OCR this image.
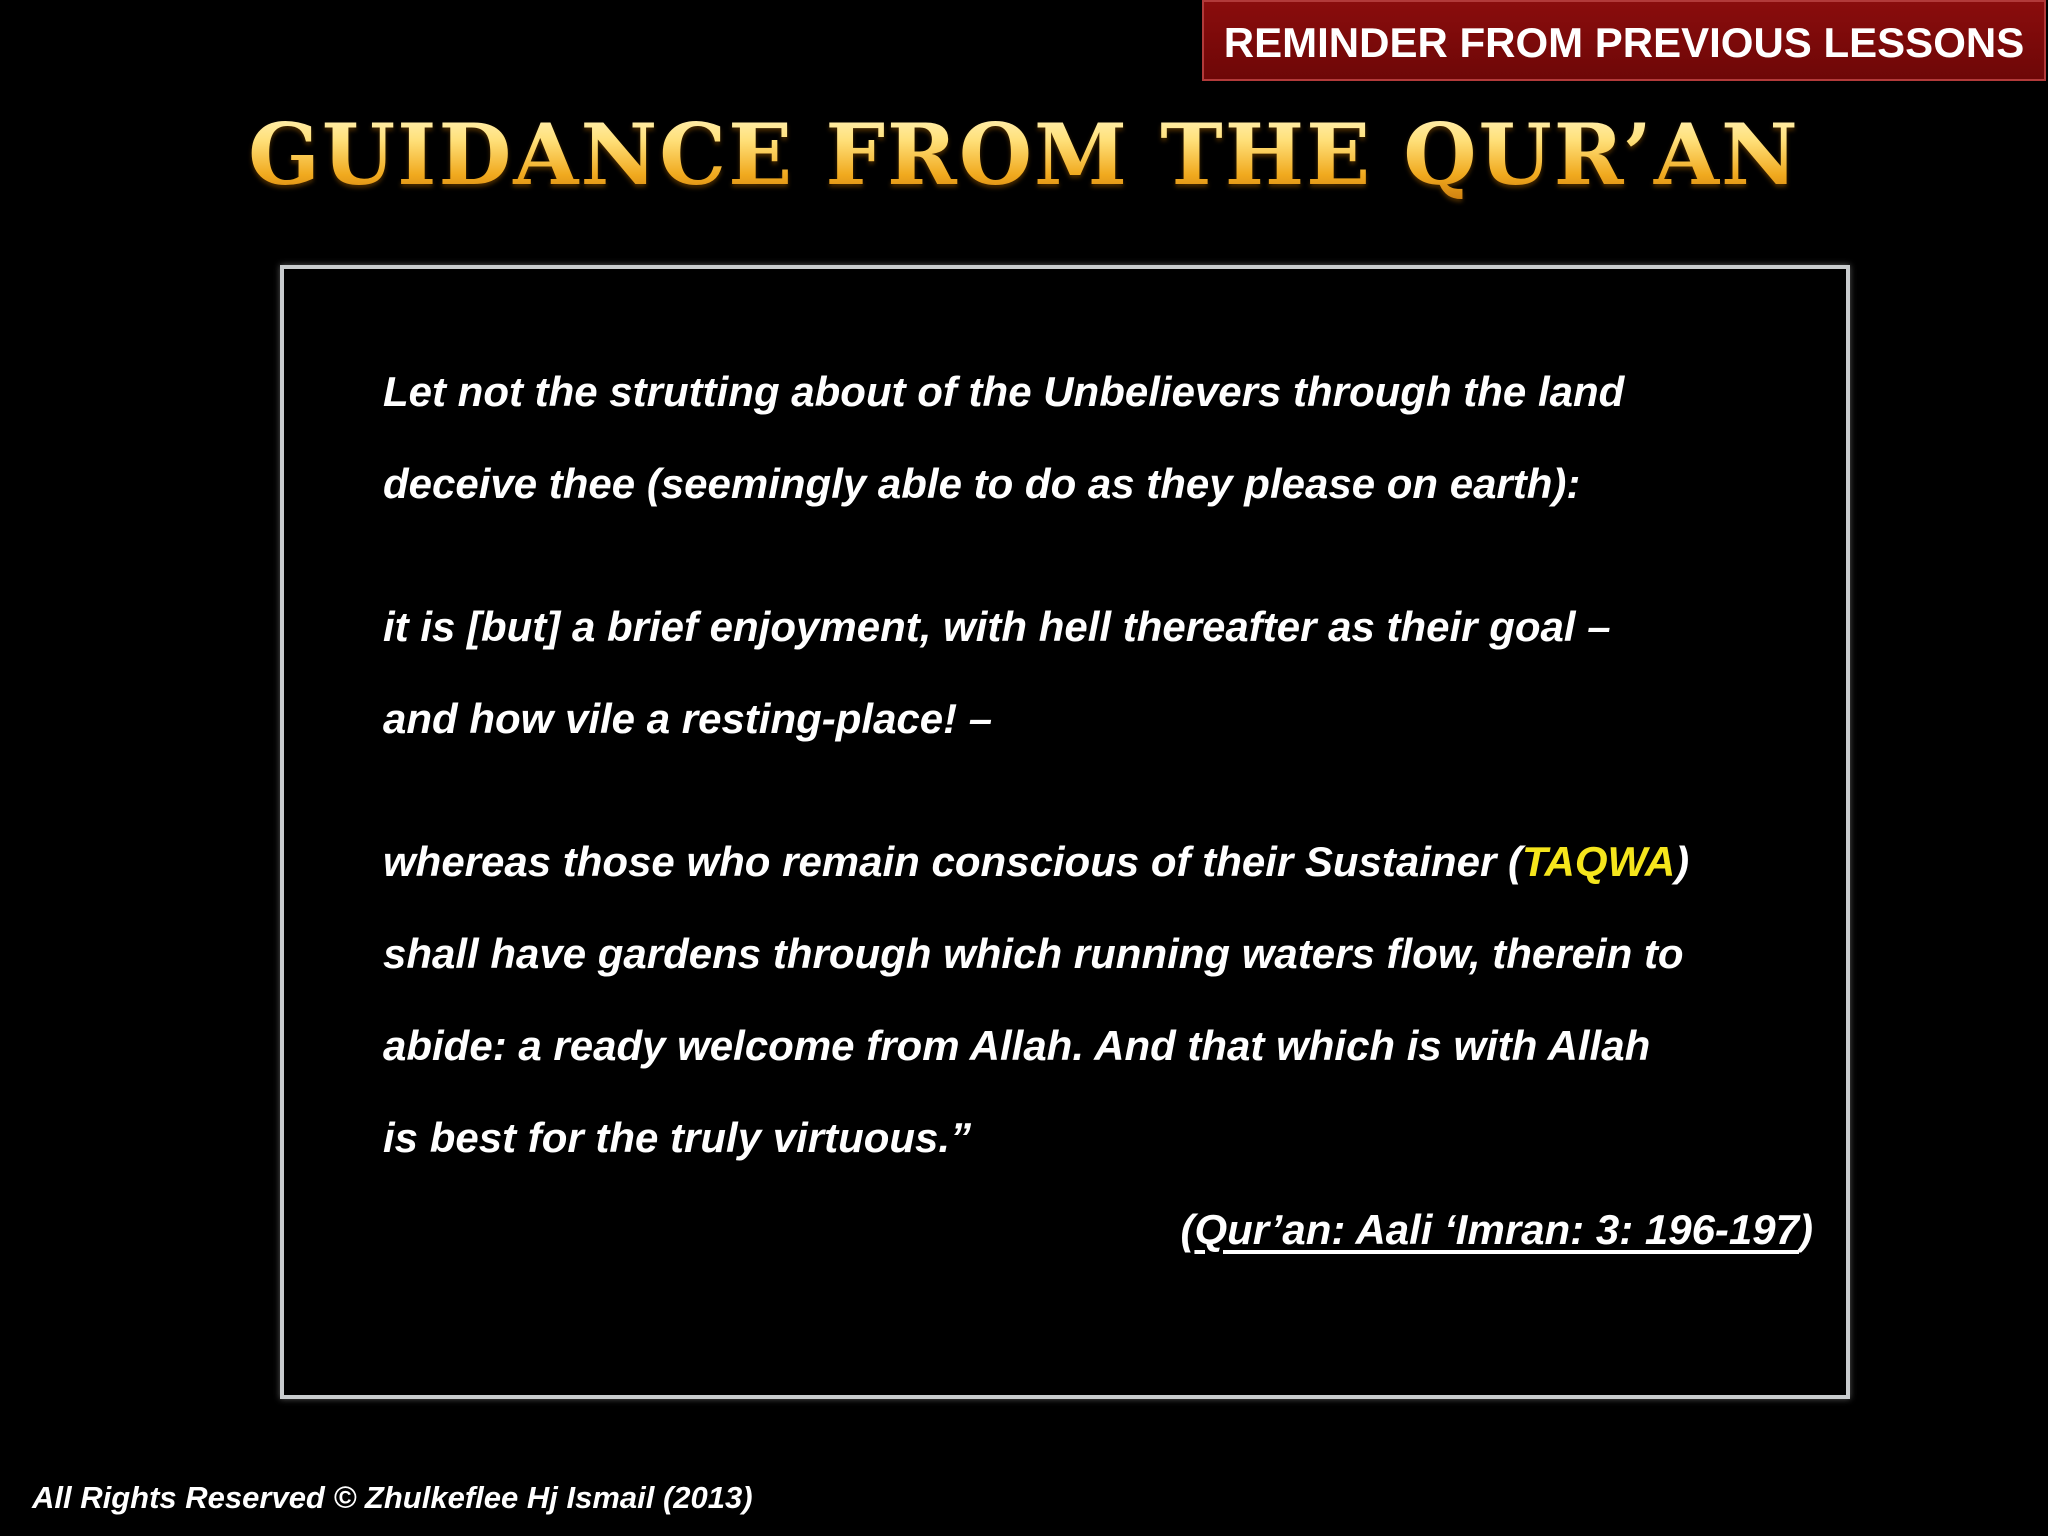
REMINDER FROM PREVIOUS LESSONS
GUIDANCE FROM THE QUR’AN
Let not the strutting about of the Unbelievers through the land
deceive thee (seemingly able to do as they please on earth):
it is [but] a brief enjoyment, with hell thereafter as their goal –
and how vile a resting-place! –
whereas those who remain conscious of their Sustainer (TAQWA)
shall have gardens through which running waters flow, therein to
abide: a ready welcome from Allah. And that which is with Allah
is best for the truly virtuous.”
(Qur’an: Aali ‘Imran: 3: 196-197)
All Rights Reserved © Zhulkeflee Hj Ismail (2013)
